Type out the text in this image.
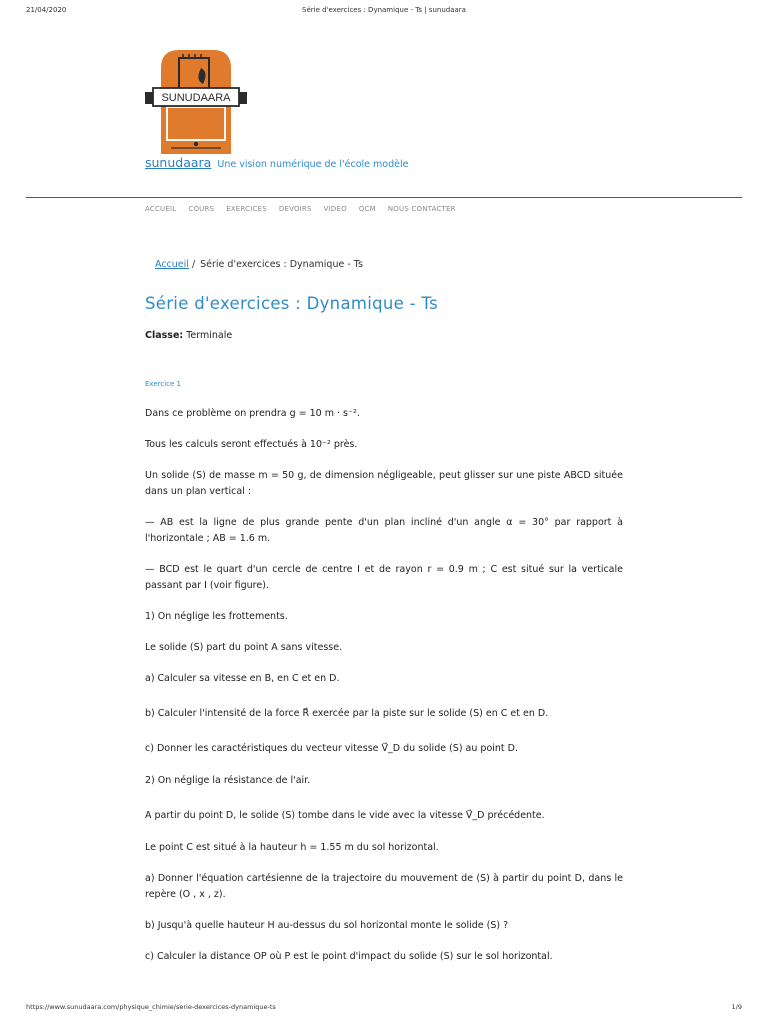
21/04/2020	Série d'exercices : Dynamique - Ts | sunudaara
SUNUDAARA
sunudaara Une vision numérique de l'école modèle
ACCUEIL COURS EXERCICES DEVOIRS VIDÉO QCM NOUS CONTACTER
Accueil / Série d'exercices : Dynamique - Ts
Série d'exercices : Dynamique - Ts
Classe: Terminale
Exercice 1

Dans ce problème on prendra g = 10 m · s⁻².

Tous les calculs seront effectués à 10⁻² près.

Un solide (S) de masse m = 50 g, de dimension négligeable, peut glisser sur une piste ABCD située dans un plan vertical :

— AB est la ligne de plus grande pente d'un plan incliné d'un angle α = 30° par rapport à l'horizontale ; AB = 1.6 m.

— BCD est le quart d'un cercle de centre I et de rayon r = 0.9 m ; C est situé sur la verticale passant par I (voir figure).

1) On néglige les frottements.

Le solide (S) part du point A sans vitesse.

a) Calculer sa vitesse en B, en C et en D.

b) Calculer l'intensité de la force R⃗ exercée par la piste sur le solide (S) en C et en D.

c) Donner les caractéristiques du vecteur vitesse V⃗_D du solide (S) au point D.

2) On néglige la résistance de l'air.

A partir du point D, le solide (S) tombe dans le vide avec la vitesse V⃗_D précédente.

Le point C est situé à la hauteur h = 1.55 m du sol horizontal.

a) Donner l'équation cartésienne de la trajectoire du mouvement de (S) à partir du point D, dans le repère (O , x , z).

b) Jusqu'à quelle hauteur H au-dessus du sol horizontal monte le solide (S) ?

c) Calculer la distance OP où P est le point d'impact du solide (S) sur le sol horizontal.

https://www.sunudaara.com/physique_chimie/serie-dexercices-dynamique-ts	1/9
